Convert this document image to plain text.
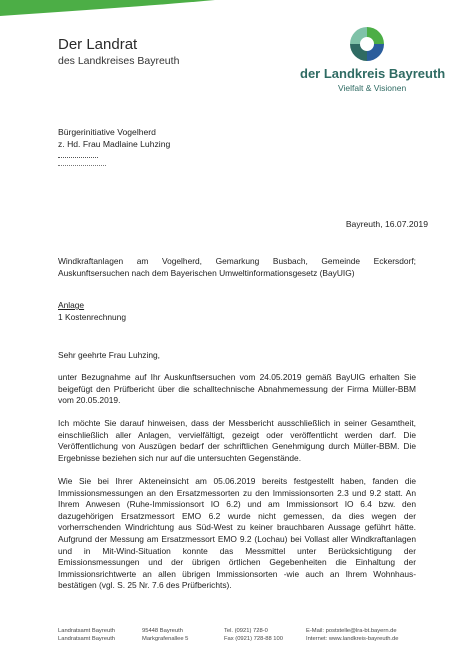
Der Landrat
des Landkreises Bayreuth
der Landkreis Bayreuth
Vielfalt & Visionen
Bürgerinitiative Vogelherd
z. Hd. Frau Madlaine Luhzing
Bayreuth, 16.07.2019
Windkraftanlagen am Vogelherd, Gemarkung Busbach, Gemeinde Eckersdorf; Auskunftsersuchen nach dem Bayerischen Umweltinformationsgesetz (BayUIG)
Anlage
1 Kostenrechnung
Sehr geehrte Frau Luhzing,
unter Bezugnahme auf Ihr Auskunftsersuchen vom 24.05.2019 gemäß BayUIG erhalten Sie beigefügt den Prüfbericht über die schalltechnische Abnahmemessung der Firma Müller-BBM vom 20.05.2019.
Ich möchte Sie darauf hinweisen, dass der Messbericht ausschließlich in seiner Gesamtheit, einschließlich aller Anlagen, vervielfältigt, gezeigt oder veröffentlicht werden darf. Die Veröffentlichung von Auszügen bedarf der schriftlichen Genehmigung durch Müller-BBM. Die Ergebnisse beziehen sich nur auf die untersuchten Gegenstände.
Wie Sie bei Ihrer Akteneinsicht am 05.06.2019 bereits festgestellt haben, fanden die Immissionsmessungen an den Ersatzmessorten zu den Immissionsorten 2.3 und 9.2 statt. An Ihrem Anwesen (Ruhe-Immissionsort IO 6.2) und am Immissionsort IO 6.4 bzw. den dazugehörigen Ersatzmessort EMO 6.2 wurde nicht gemessen, da dies wegen der vorherrschenden Windrichtung aus Süd-West zu keiner brauchbaren Aussage geführt hätte. Aufgrund der Messung am Ersatzmessort EMO 9.2 (Lochau) bei Vollast aller Windkraftanlagen und in Mit-Wind-Situation konnte das Messmittel unter Berücksichtigung der Emissionsmessungen und der übrigen örtlichen Gegebenheiten die Einhaltung der Immissionsrichtwerte an allen übrigen Immissionsorten -wie auch an Ihrem Wohnhaus- bestätigen (vgl. S. 25 Nr. 7.6 des Prüfberichts).
Landratsamt Bayreuth
Landratsamt Bayreuth
95448 Bayreuth
Markgrafenallee 5
Tel. (0921) 728-0
Fax (0921) 728-88 100
E-Mail: poststelle@lra-bt.bayern.de
Internet: www.landkreis-bayreuth.de
